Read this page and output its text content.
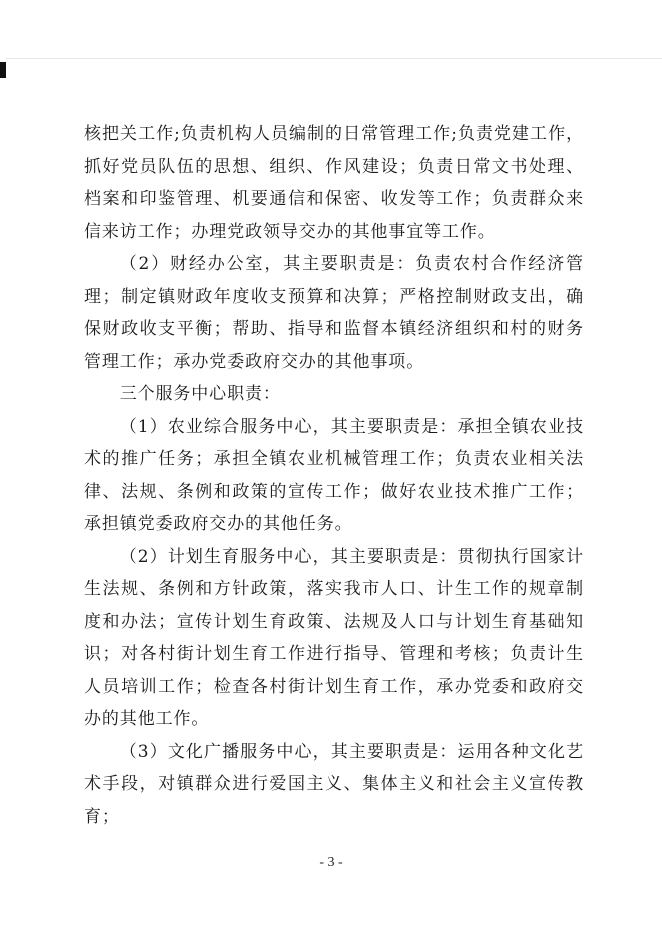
核把关工作;负责机构人员编制的日常管理工作;负责党建工作，抓好党员队伍的思想、组织、作风建设；负责日常文书处理、档案和印鉴管理、机要通信和保密、收发等工作；负责群众来信来访工作；办理党政领导交办的其他事宜等工作。

（2）财经办公室，其主要职责是：负责农村合作经济管理；制定镇财政年度收支预算和决算；严格控制财政支出，确保财政收支平衡；帮助、指导和监督本镇经济组织和村的财务管理工作；承办党委政府交办的其他事项。

三个服务中心职责：

（1）农业综合服务中心，其主要职责是：承担全镇农业技术的推广任务；承担全镇农业机械管理工作；负责农业相关法律、法规、条例和政策的宣传工作；做好农业技术推广工作；承担镇党委政府交办的其他任务。

（2）计划生育服务中心，其主要职责是：贯彻执行国家计生法规、条例和方针政策，落实我市人口、计生工作的规章制度和办法；宣传计划生育政策、法规及人口与计划生育基础知识；对各村街计划生育工作进行指导、管理和考核；负责计生人员培训工作；检查各村街计划生育工作，承办党委和政府交办的其他工作。

（3）文化广播服务中心，其主要职责是：运用各种文化艺术手段，对镇群众进行爱国主义、集体主义和社会主义宣传教育；

- 3 -
